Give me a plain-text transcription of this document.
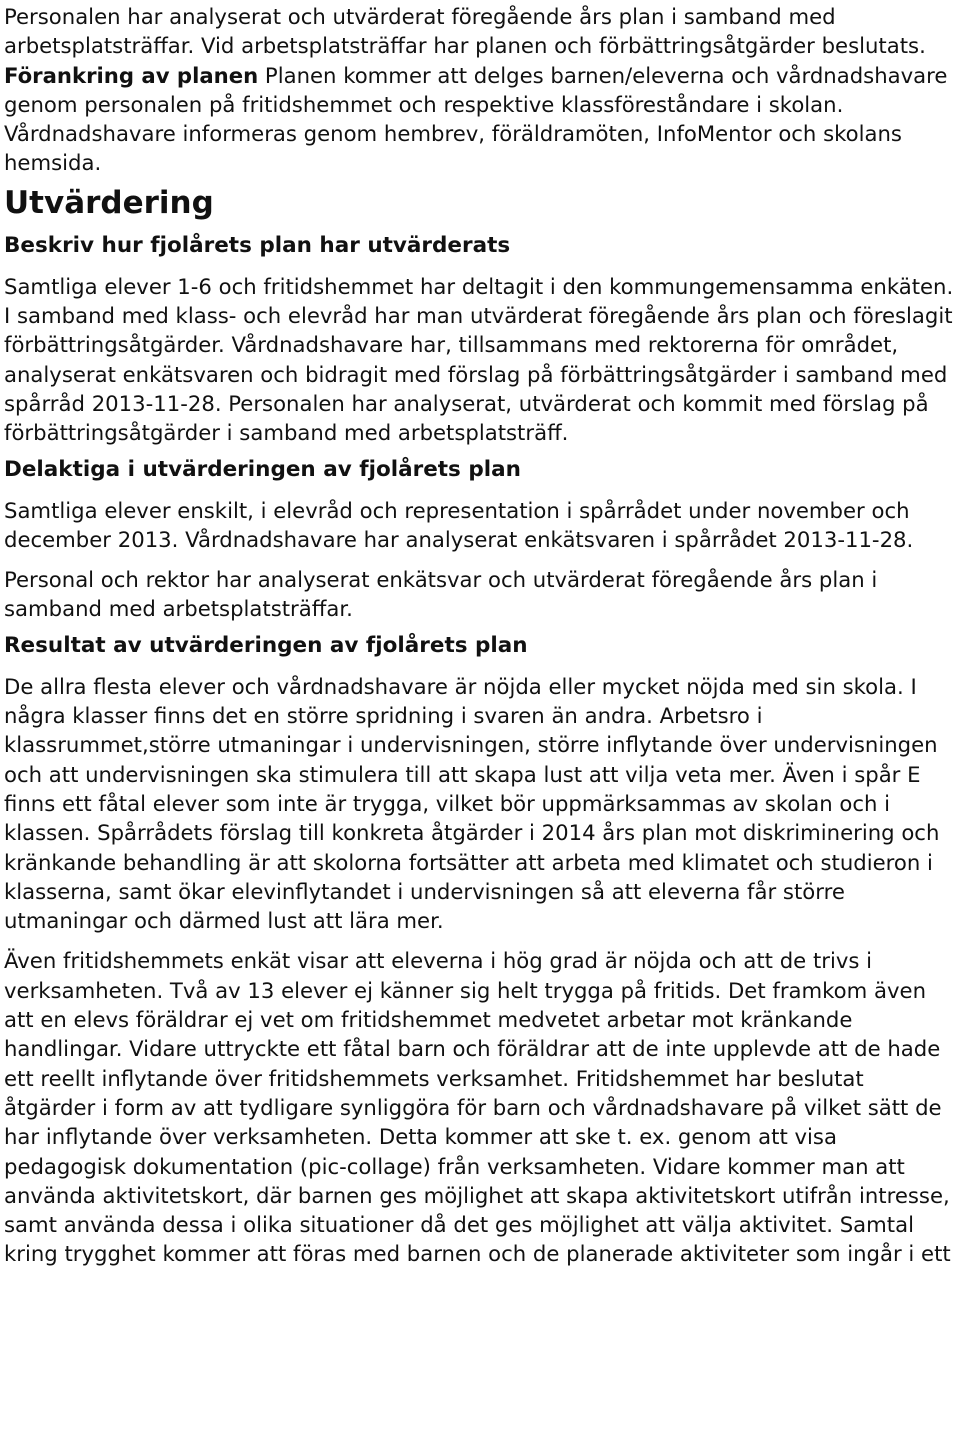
Personalen har analyserat och utvärderat föregående års plan i samband med arbetsplatsträffar. Vid arbetsplatsträffar har planen och förbättringsåtgärder beslutats.

Förankring av planen Planen kommer att delges barnen/eleverna och vårdnadshavare genom personalen på fritidshemmet och respektive klassföreståndare i skolan. Vårdnadshavare informeras genom hembrev, föräldramöten, InfoMentor och skolans hemsida.

Utvärdering
Beskriv hur fjolårets plan har utvärderats

Samtliga elever 1-6 och fritidshemmet har deltagit i den kommungemensamma enkäten. I samband med klass- och elevråd har man utvärderat föregående års plan och föreslagit förbättringsåtgärder. Vårdnadshavare har, tillsammans med rektorerna för området, analyserat enkätsvaren och bidragit med förslag på förbättringsåtgärder i samband med spårråd 2013-11-28. Personalen har analyserat, utvärderat och kommit med förslag på förbättringsåtgärder i samband med arbetsplatsträff.

Delaktiga i utvärderingen av fjolårets plan

Samtliga elever enskilt, i elevråd och representation i spårrådet under november och december 2013. Vårdnadshavare har analyserat enkätsvaren i spårrådet 2013-11-28.

Personal och rektor har analyserat enkätsvar och utvärderat föregående års plan i samband med arbetsplatsträffar.

Resultat av utvärderingen av fjolårets plan

De allra flesta elever och vårdnadshavare är nöjda eller mycket nöjda med sin skola. I några klasser finns det en större spridning i svaren än andra. Arbetsro i klassrummet,större utmaningar i undervisningen, större inflytande över undervisningen och att undervisningen ska stimulera till att skapa lust att vilja veta mer. Även i spår E finns ett fåtal elever som inte är trygga, vilket bör uppmärksammas av skolan och i klassen. Spårrådets förslag till konkreta åtgärder i 2014 års plan mot diskriminering och kränkande behandling är att skolorna fortsätter att arbeta med klimatet och studieron i klasserna, samt ökar elevinflytandet i undervisningen så att eleverna får större utmaningar och därmed lust att lära mer.

Även fritidshemmets enkät visar att eleverna i hög grad är nöjda och att de trivs i verksamheten. Två av 13 elever ej känner sig helt trygga på fritids. Det framkom även att en elevs föräldrar ej vet om fritidshemmet medvetet arbetar mot kränkande handlingar. Vidare uttryckte ett fåtal barn och föräldrar att de inte upplevde att de hade ett reellt inflytande över fritidshemmets verksamhet. Fritidshemmet har beslutat åtgärder i form av att tydligare synliggöra för barn och vårdnadshavare på vilket sätt de har inflytande över verksamheten. Detta kommer att ske t. ex. genom att visa pedagogisk dokumentation (pic-collage) från verksamheten. Vidare kommer man att använda aktivitetskort, där barnen ges möjlighet att skapa aktivitetskort utifrån intresse, samt använda dessa i olika situationer då det ges möjlighet att välja aktivitet. Samtal kring trygghet kommer att föras med barnen och de planerade aktiviteter som ingår i ett
